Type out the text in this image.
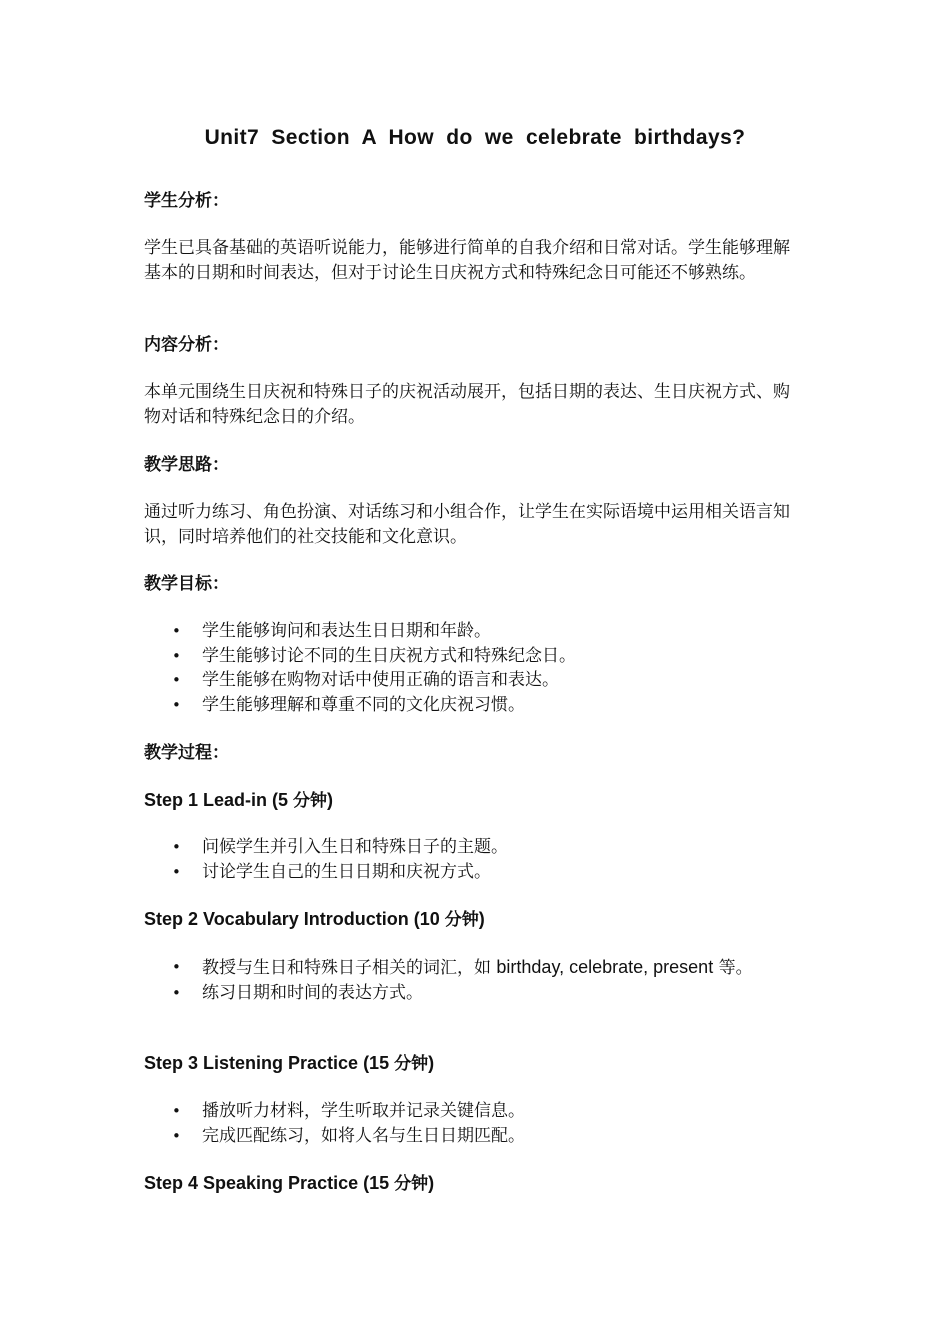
Unit7 Section A How do we celebrate birthdays?
学生分析：
学生已具备基础的英语听说能力，能够进行简单的自我介绍和日常对话。学生能够理解基本的日期和时间表达，但对于讨论生日庆祝方式和特殊纪念日可能还不够熟练。
内容分析：
本单元围绕生日庆祝和特殊日子的庆祝活动展开，包括日期的表达、生日庆祝方式、购物对话和特殊纪念日的介绍。
教学思路：
通过听力练习、角色扮演、对话练习和小组合作，让学生在实际语境中运用相关语言知识，同时培养他们的社交技能和文化意识。
教学目标：
• 学生能够询问和表达生日日期和年龄。
• 学生能够讨论不同的生日庆祝方式和特殊纪念日。
• 学生能够在购物对话中使用正确的语言和表达。
• 学生能够理解和尊重不同的文化庆祝习惯。
教学过程：
Step 1 Lead-in (5 分钟)
• 问候学生并引入生日和特殊日子的主题。
• 讨论学生自己的生日日期和庆祝方式。
Step 2 Vocabulary Introduction (10 分钟)
• 教授与生日和特殊日子相关的词汇，如 birthday, celebrate, present 等。
• 练习日期和时间的表达方式。
Step 3 Listening Practice (15 分钟)
• 播放听力材料，学生听取并记录关键信息。
• 完成匹配练习，如将人名与生日日期匹配。
Step 4 Speaking Practice (15 分钟)
